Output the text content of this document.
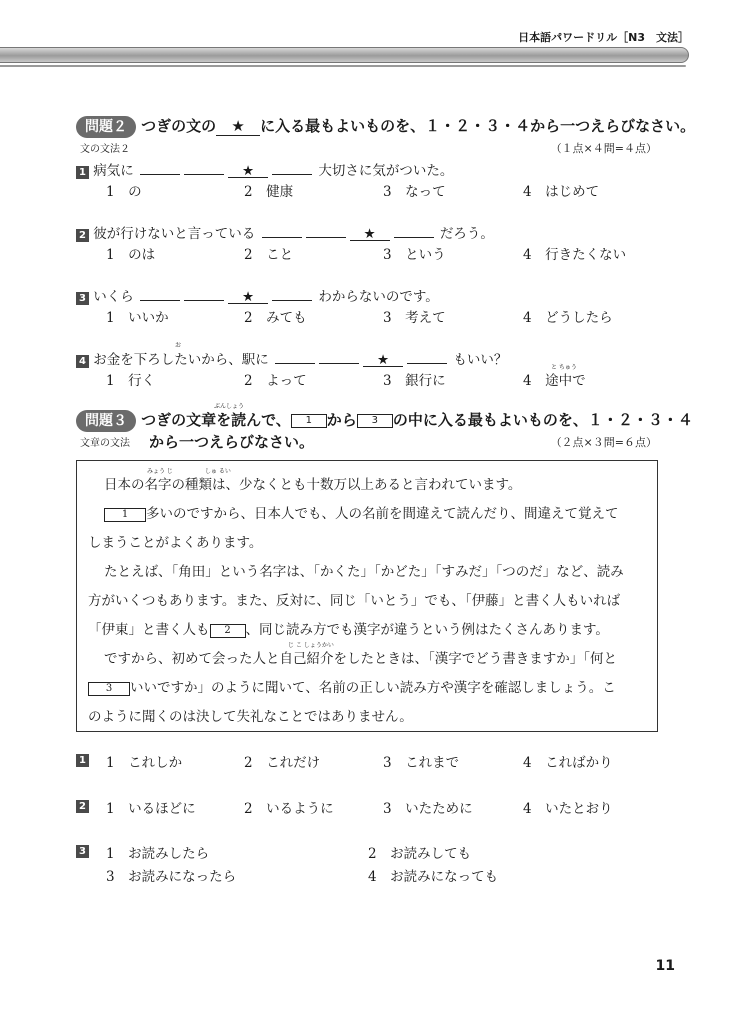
日本語パワードリル［N3　文法］
問題２ つぎの文の ★ に入る最もよいものを、１・２・３・４から一つえらびなさい。
文の文法２	（１点×４問=４点）
1 病気に	★	大切さに気がついた。
1　の	2　健康	3　なって	4　はじめて
2 彼が行けないと言っている	★	だろう。
1　のは	2　こと	3　という	4　行きたくない
3 いくら	★	わからないのです。
1　いいか	2　みても	3　考えて	4　どうしたら
お
4 お金を下ろしたいから、駅に	★	もいい？	と ちゅう
1　行く	2　よって	3　銀行に	4　途中で
ぶんしょう
問題３ つぎの文章を読んで、 1 から 3 の中に入る最もよいものを、１・２・３・４
文章の文法 から一つえらびなさい。	（２点×３問=６点）
みょう じ	しゅ るい
日本の名字の種類は、少なくとも十数万以上あると言われています。
1 多いのですから、日本人でも、人の名前を間違えて読んだり、間違えて覚えて
しまうことがよくあります。
たとえば、「角田」という名字は、「かくた」「かどた」「すみだ」「つのだ」など、読み
方がいくつもあります。また、反対に、同じ「いとう」でも、「伊藤」と書く人もいれば
「伊東」と書く人も 2 、同じ読み方でも漢字が違うという例はたくさんあります。
じ こ しょうかい
ですから、初めて会った人と自己紹介をしたときは、「漢字でどう書きますか」「何と
3 いいですか」のように聞いて、名前の正しい読み方や漢字を確認しましょう。こ
のように聞くのは決して失礼なことではありません。
1 1　これしか	2　これだけ	3　これまで	4　こればかり
2 1　いるほどに	2　いるように	3　いたために	4　いたとおり
3 1　お読みしたら	2　お読みしても
3　お読みになったら	4　お読みになっても
11
